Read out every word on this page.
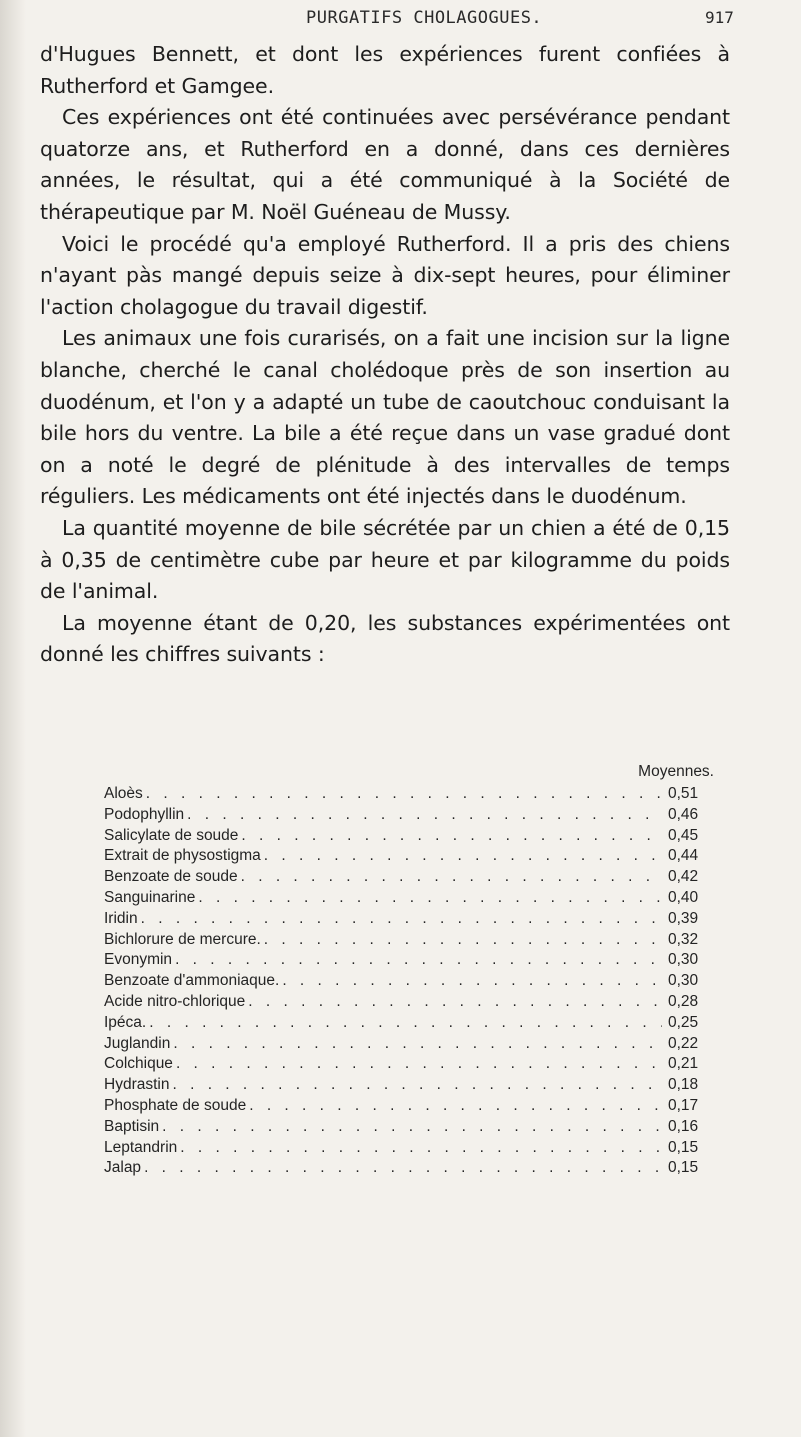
PURGATIFS CHOLAGOGUES.	917

d'Hugues Bennett, et dont les expériences furent confiées à Rutherford et Gamgee.

Ces expériences ont été continuées avec persévérance pendant quatorze ans, et Rutherford en a donné, dans ces dernières années, le résultat, qui a été communiqué à la Société de thérapeutique par M. Noël Guéneau de Mussy.

Voici le procédé qu'a employé Rutherford. Il a pris des chiens n'ayant pàs mangé depuis seize à dix-sept heures, pour éliminer l'action cholagogue du travail digestif.

Les animaux une fois curarisés, on a fait une incision sur la ligne blanche, cherché le canal cholédoque près de son insertion au duodénum, et l'on y a adapté un tube de caoutchouc conduisant la bile hors du ventre. La bile a été reçue dans un vase gradué dont on a noté le degré de plénitude à des intervalles de temps réguliers. Les médicaments ont été injectés dans le duodénum.

La quantité moyenne de bile sécrétée par un chien a été de 0,15 à 0,35 de centimètre cube par heure et par kilogramme du poids de l'animal.

La moyenne étant de 0,20, les substances expérimentées ont donné les chiffres suivants :

Moyennes.
Aloès . . .	0,51
Podophyllin . . .	0,46
Salicylate de soude . . .	0,45
Extrait de physostigma . . .	0,44
Benzoate de soude . . .	0,42
Sanguinarine . . .	0,40
Iridin . . .	0,39
Bichlorure de mercure. . . .	0,32
Evonymin . . .	0,30
Benzoate d'ammoniaque. . . .	0,30
Acide nitro-chlorique . . .	0,28
Ipéca. . . .	0,25
Juglandin . . .	0,22
Colchique . . .	0,21
Hydrastin . . .	0,18
Phosphate de soude . . .	0,17
Baptisin . . .	0,16
Leptandrin . . .	0,15
Jalap . . .	0,15
